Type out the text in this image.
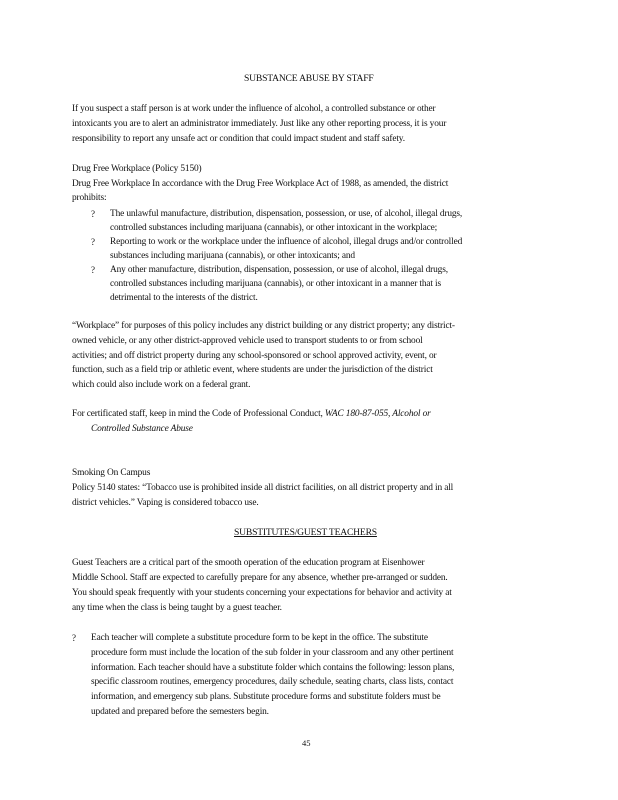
SUBSTANCE ABUSE BY STAFF
If you suspect a staff person is at work under the influence of alcohol, a controlled substance or other
intoxicants you are to alert an administrator immediately. Just like any other reporting process, it is your
responsibility to report any unsafe act or condition that could impact student and staff safety.
Drug Free Workplace (Policy 5150)
Drug Free Workplace In accordance with the Drug Free Workplace Act of 1988, as amended, the district
prohibits:
? The unlawful manufacture, distribution, dispensation, possession, or use, of alcohol, illegal drugs,
controlled substances including marijuana (cannabis), or other intoxicant in the workplace;
? Reporting to work or the workplace under the influence of alcohol, illegal drugs and/or controlled
substances including marijuana (cannabis), or other intoxicants; and
? Any other manufacture, distribution, dispensation, possession, or use of alcohol, illegal drugs,
controlled substances including marijuana (cannabis), or other intoxicant in a manner that is
detrimental to the interests of the district.
“Workplace” for purposes of this policy includes any district building or any district property; any district-
owned vehicle, or any other district-approved vehicle used to transport students to or from school
activities; and off district property during any school-sponsored or school approved activity, event, or
function, such as a field trip or athletic event, where students are under the jurisdiction of the district
which could also include work on a federal grant.
For certificated staff, keep in mind the Code of Professional Conduct, WAC 180-87-055, Alcohol or
Controlled Substance Abuse
Smoking On Campus
Policy 5140 states: “Tobacco use is prohibited inside all district facilities, on all district property and in all
district vehicles.” Vaping is considered tobacco use.
SUBSTITUTES/GUEST TEACHERS
Guest Teachers are a critical part of the smooth operation of the education program at Eisenhower
Middle School. Staff are expected to carefully prepare for any absence, whether pre-arranged or sudden.
You should speak frequently with your students concerning your expectations for behavior and activity at
any time when the class is being taught by a guest teacher.
? Each teacher will complete a substitute procedure form to be kept in the office. The substitute
procedure form must include the location of the sub folder in your classroom and any other pertinent
information. Each teacher should have a substitute folder which contains the following: lesson plans,
specific classroom routines, emergency procedures, daily schedule, seating charts, class lists, contact
information, and emergency sub plans. Substitute procedure forms and substitute folders must be
updated and prepared before the semesters begin.
45
